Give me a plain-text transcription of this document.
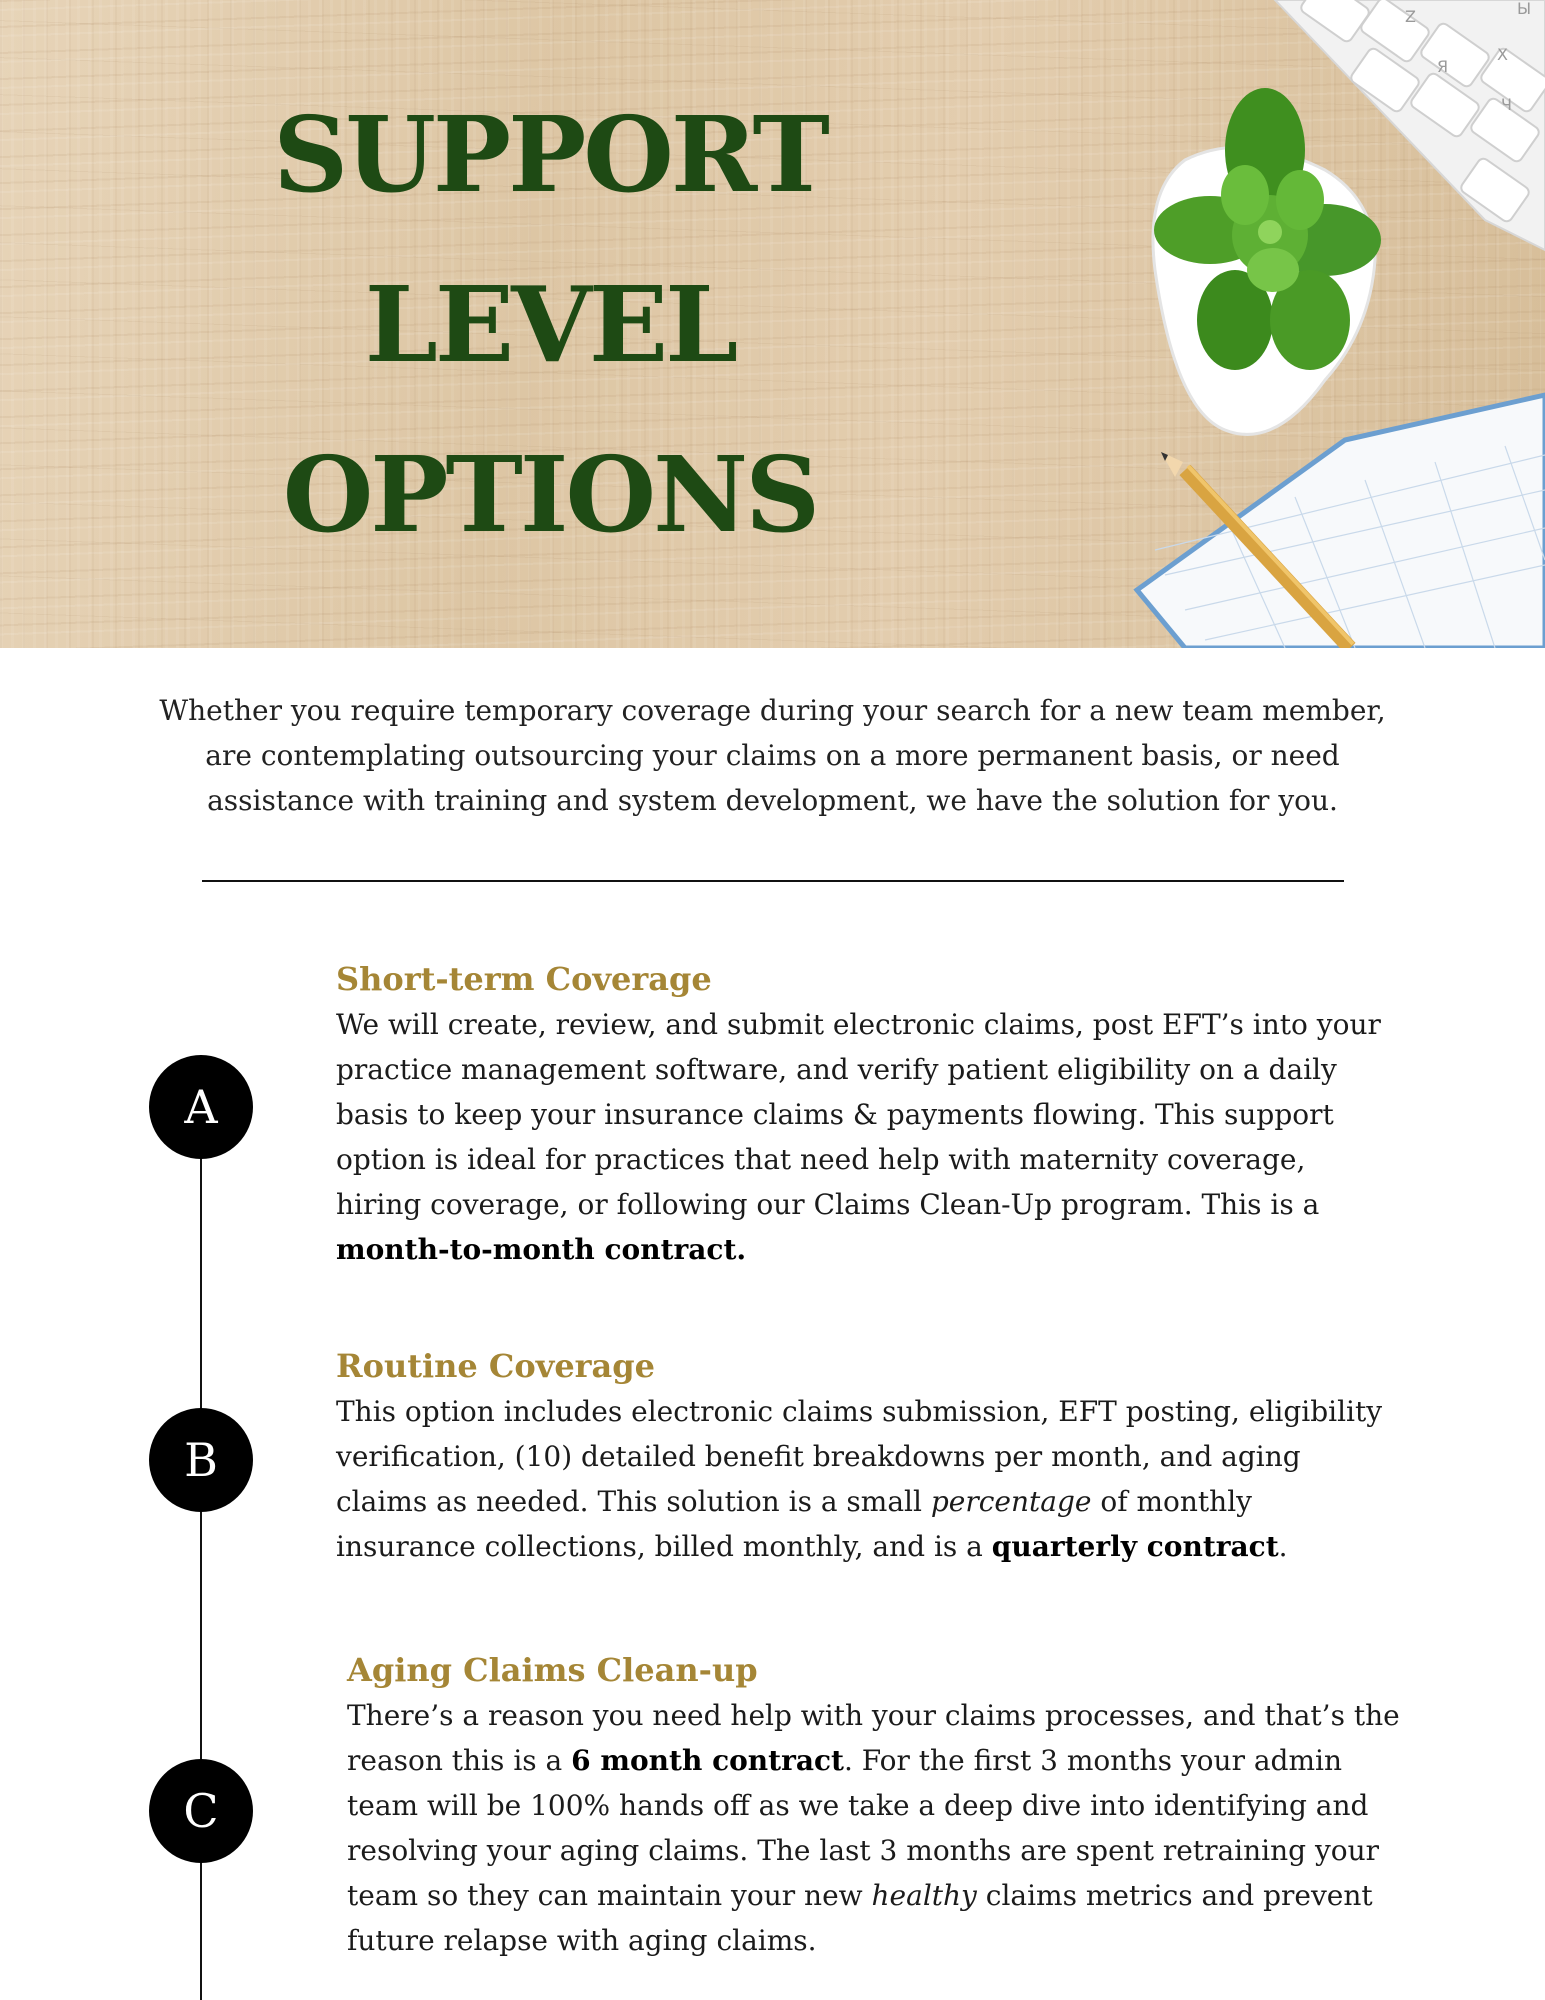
SUPPORT
LEVEL
OPTIONS
Z
Я
Х
Ч
Ы

Whether you require temporary coverage during your search for a new team member, are contemplating outsourcing your claims on a more permanent basis, or need assistance with training and system development, we have the solution for you.

A
Short-term Coverage

We will create, review, and submit electronic claims, post EFT’s into your practice management software, and verify patient eligibility on a daily basis to keep your insurance claims & payments flowing. This support option is ideal for practices that need help with maternity coverage, hiring coverage, or following our Claims Clean-Up program. This is a month-to-month contract.

B
Routine Coverage

This option includes electronic claims submission, EFT posting, eligibility verification, (10) detailed benefit breakdowns per month, and aging claims as needed. This solution is a small percentage of monthly insurance collections, billed monthly, and is a quarterly contract.

C
Aging Claims Clean-up

There’s a reason you need help with your claims processes, and that’s the reason this is a 6 month contract. For the first 3 months your admin team will be 100% hands off as we take a deep dive into identifying and resolving your aging claims. The last 3 months are spent retraining your team so they can maintain your new healthy claims metrics and prevent future relapse with aging claims.
